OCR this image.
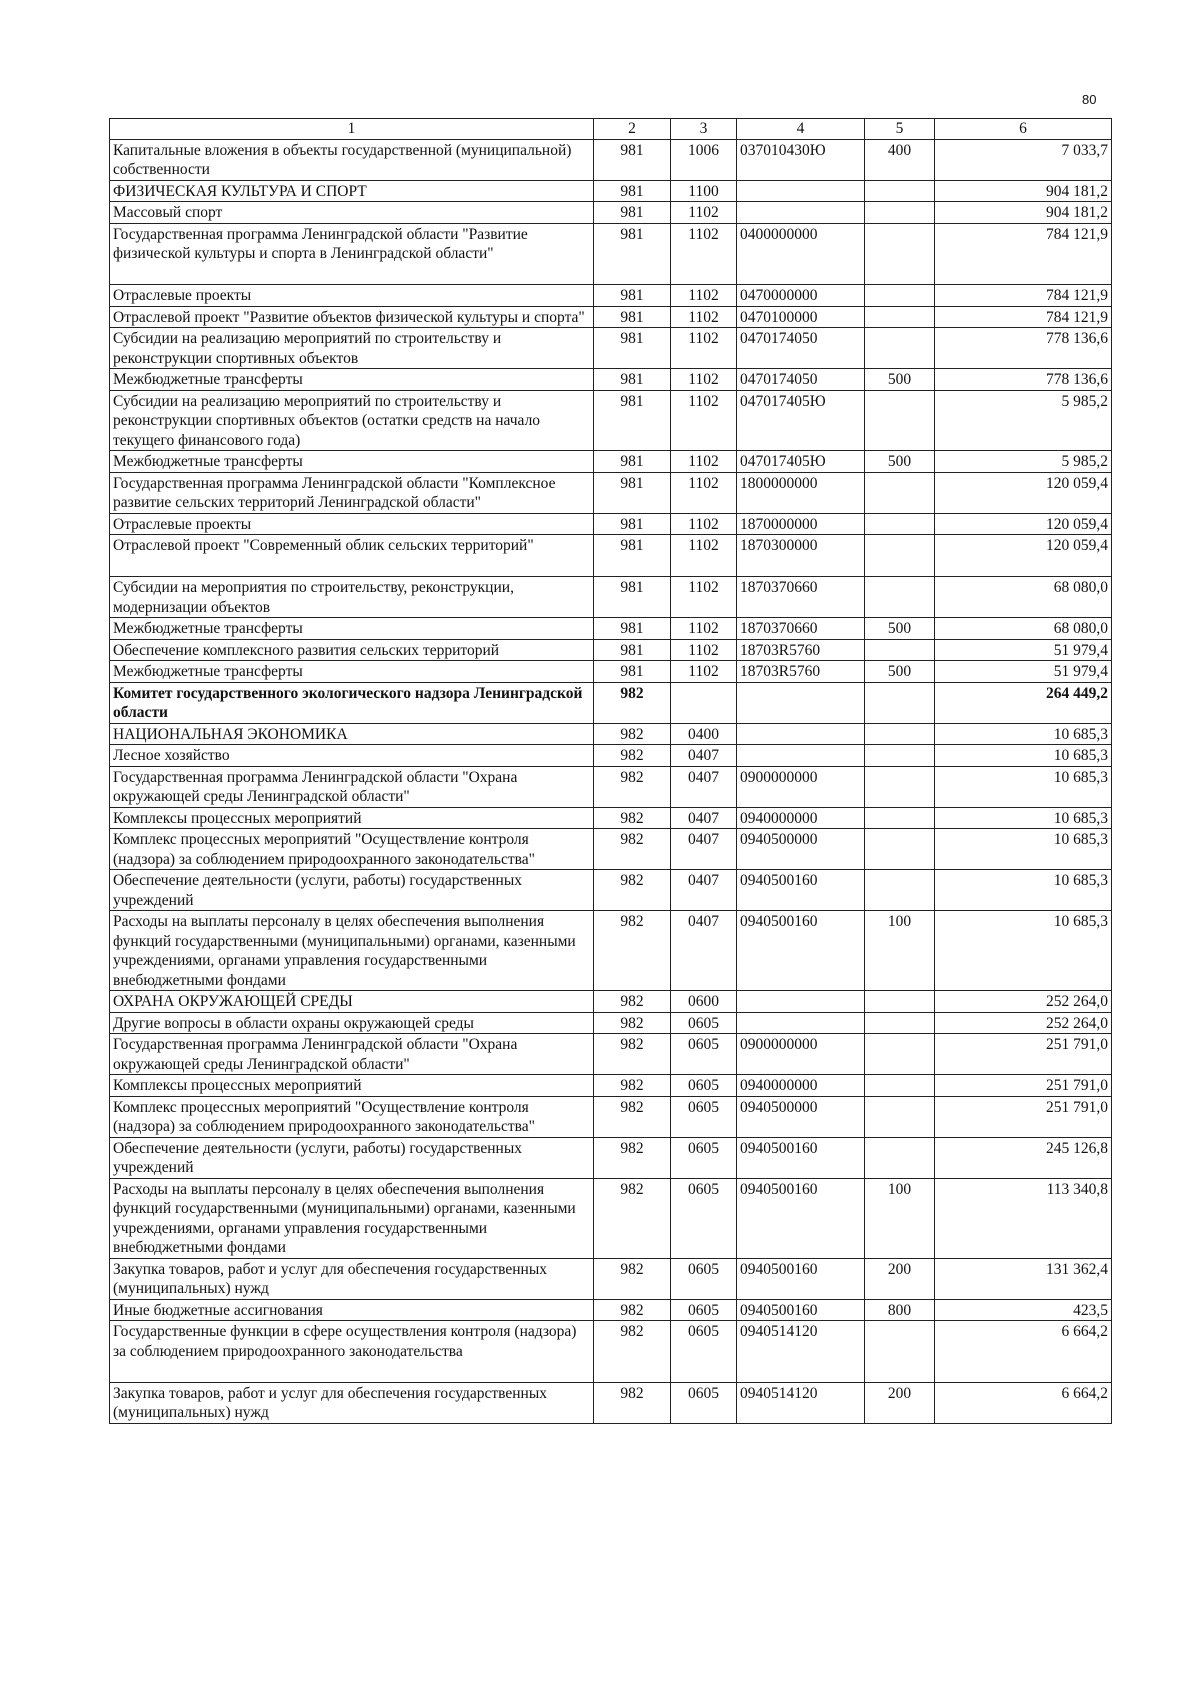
80
1	2	3	4	5	6
Капитальные вложения в объекты государственной (муниципальной) собственности	981	1006	037010430Ю	400	7 033,7
ФИЗИЧЕСКАЯ КУЛЬТУРА И СПОРТ	981	1100			904 181,2
Массовый спорт	981	1102			904 181,2
Государственная программа Ленинградской области "Развитие физической культуры и спорта в Ленинградской области"	981	1102	0400000000		784 121,9
Отраслевые проекты	981	1102	0470000000		784 121,9
Отраслевой проект "Развитие объектов физической культуры и спорта"	981	1102	0470100000		784 121,9
Субсидии на реализацию мероприятий по строительству и реконструкции спортивных объектов	981	1102	0470174050		778 136,6
Межбюджетные трансферты	981	1102	0470174050	500	778 136,6
Субсидии на реализацию мероприятий по строительству и реконструкции спортивных объектов (остатки средств на начало текущего финансового года)	981	1102	047017405Ю		5 985,2
Межбюджетные трансферты	981	1102	047017405Ю	500	5 985,2
Государственная программа Ленинградской области "Комплексное развитие сельских территорий Ленинградской области"	981	1102	1800000000		120 059,4
Отраслевые проекты	981	1102	1870000000		120 059,4
Отраслевой проект "Современный облик сельских территорий"	981	1102	1870300000		120 059,4
Субсидии на мероприятия по строительству, реконструкции, модернизации объектов	981	1102	1870370660		68 080,0
Межбюджетные трансферты	981	1102	1870370660	500	68 080,0
Обеспечение комплексного развития сельских территорий	981	1102	18703R5760		51 979,4
Межбюджетные трансферты	981	1102	18703R5760	500	51 979,4
Комитет государственного экологического надзора Ленинградской области	982				264 449,2
НАЦИОНАЛЬНАЯ ЭКОНОМИКА	982	0400			10 685,3
Лесное хозяйство	982	0407			10 685,3
Государственная программа Ленинградской области "Охрана окружающей среды Ленинградской области"	982	0407	0900000000		10 685,3
Комплексы процессных мероприятий	982	0407	0940000000		10 685,3
Комплекс процессных мероприятий "Осуществление контроля (надзора) за соблюдением природоохранного законодательства"	982	0407	0940500000		10 685,3
Обеспечение деятельности (услуги, работы) государственных учреждений	982	0407	0940500160		10 685,3
Расходы на выплаты персоналу в целях обеспечения выполнения функций государственными (муниципальными) органами, казенными учреждениями, органами управления государственными внебюджетными фондами	982	0407	0940500160	100	10 685,3
ОХРАНА ОКРУЖАЮЩЕЙ СРЕДЫ	982	0600			252 264,0
Другие вопросы в области охраны окружающей среды	982	0605			252 264,0
Государственная программа Ленинградской области "Охрана окружающей среды Ленинградской области"	982	0605	0900000000		251 791,0
Комплексы процессных мероприятий	982	0605	0940000000		251 791,0
Комплекс процессных мероприятий "Осуществление контроля (надзора) за соблюдением природоохранного законодательства"	982	0605	0940500000		251 791,0
Обеспечение деятельности (услуги, работы) государственных учреждений	982	0605	0940500160		245 126,8
Расходы на выплаты персоналу в целях обеспечения выполнения функций государственными (муниципальными) органами, казенными учреждениями, органами управления государственными внебюджетными фондами	982	0605	0940500160	100	113 340,8
Закупка товаров, работ и услуг для обеспечения государственных (муниципальных) нужд	982	0605	0940500160	200	131 362,4
Иные бюджетные ассигнования	982	0605	0940500160	800	423,5
Государственные функции в сфере осуществления контроля (надзора) за соблюдением природоохранного законодательства	982	0605	0940514120		6 664,2
Закупка товаров, работ и услуг для обеспечения государственных (муниципальных) нужд	982	0605	0940514120	200	6 664,2
